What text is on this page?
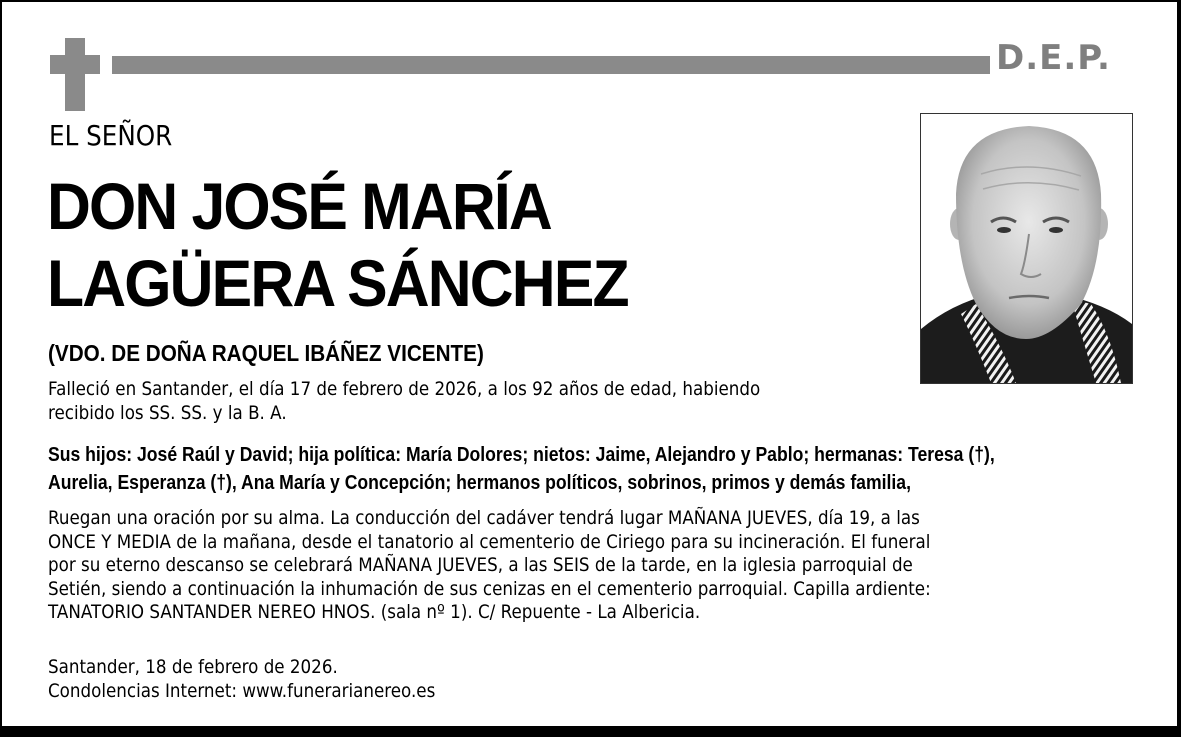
D.E.P.
EL SEÑOR
DON JOSÉ MARÍA
LAGÜERA SÁNCHEZ
(VDO. DE DOÑA RAQUEL IBÁÑEZ VICENTE)
Falleció en Santander, el día 17 de febrero de 2026, a los 92 años de edad, habiendo
recibido los SS. SS. y la B. A.
Sus hijos: José Raúl y David; hija política: María Dolores; nietos: Jaime, Alejandro y Pablo; hermanas: Teresa (†),
Aurelia, Esperanza (†), Ana María y Concepción; hermanos políticos, sobrinos, primos y demás familia,
Ruegan una oración por su alma. La conducción del cadáver tendrá lugar MAÑANA JUEVES, día 19, a las
ONCE Y MEDIA de la mañana, desde el tanatorio al cementerio de Ciriego para su incineración. El funeral
por su eterno descanso se celebrará MAÑANA JUEVES, a las SEIS de la tarde, en la iglesia parroquial de
Setién, siendo a continuación la inhumación de sus cenizas en el cementerio parroquial. Capilla ardiente:
TANATORIO SANTANDER NEREO HNOS. (sala nº 1). C/ Repuente - La Albericia.
Santander, 18 de febrero de 2026.
Condolencias Internet: www.funerarianereo.es
